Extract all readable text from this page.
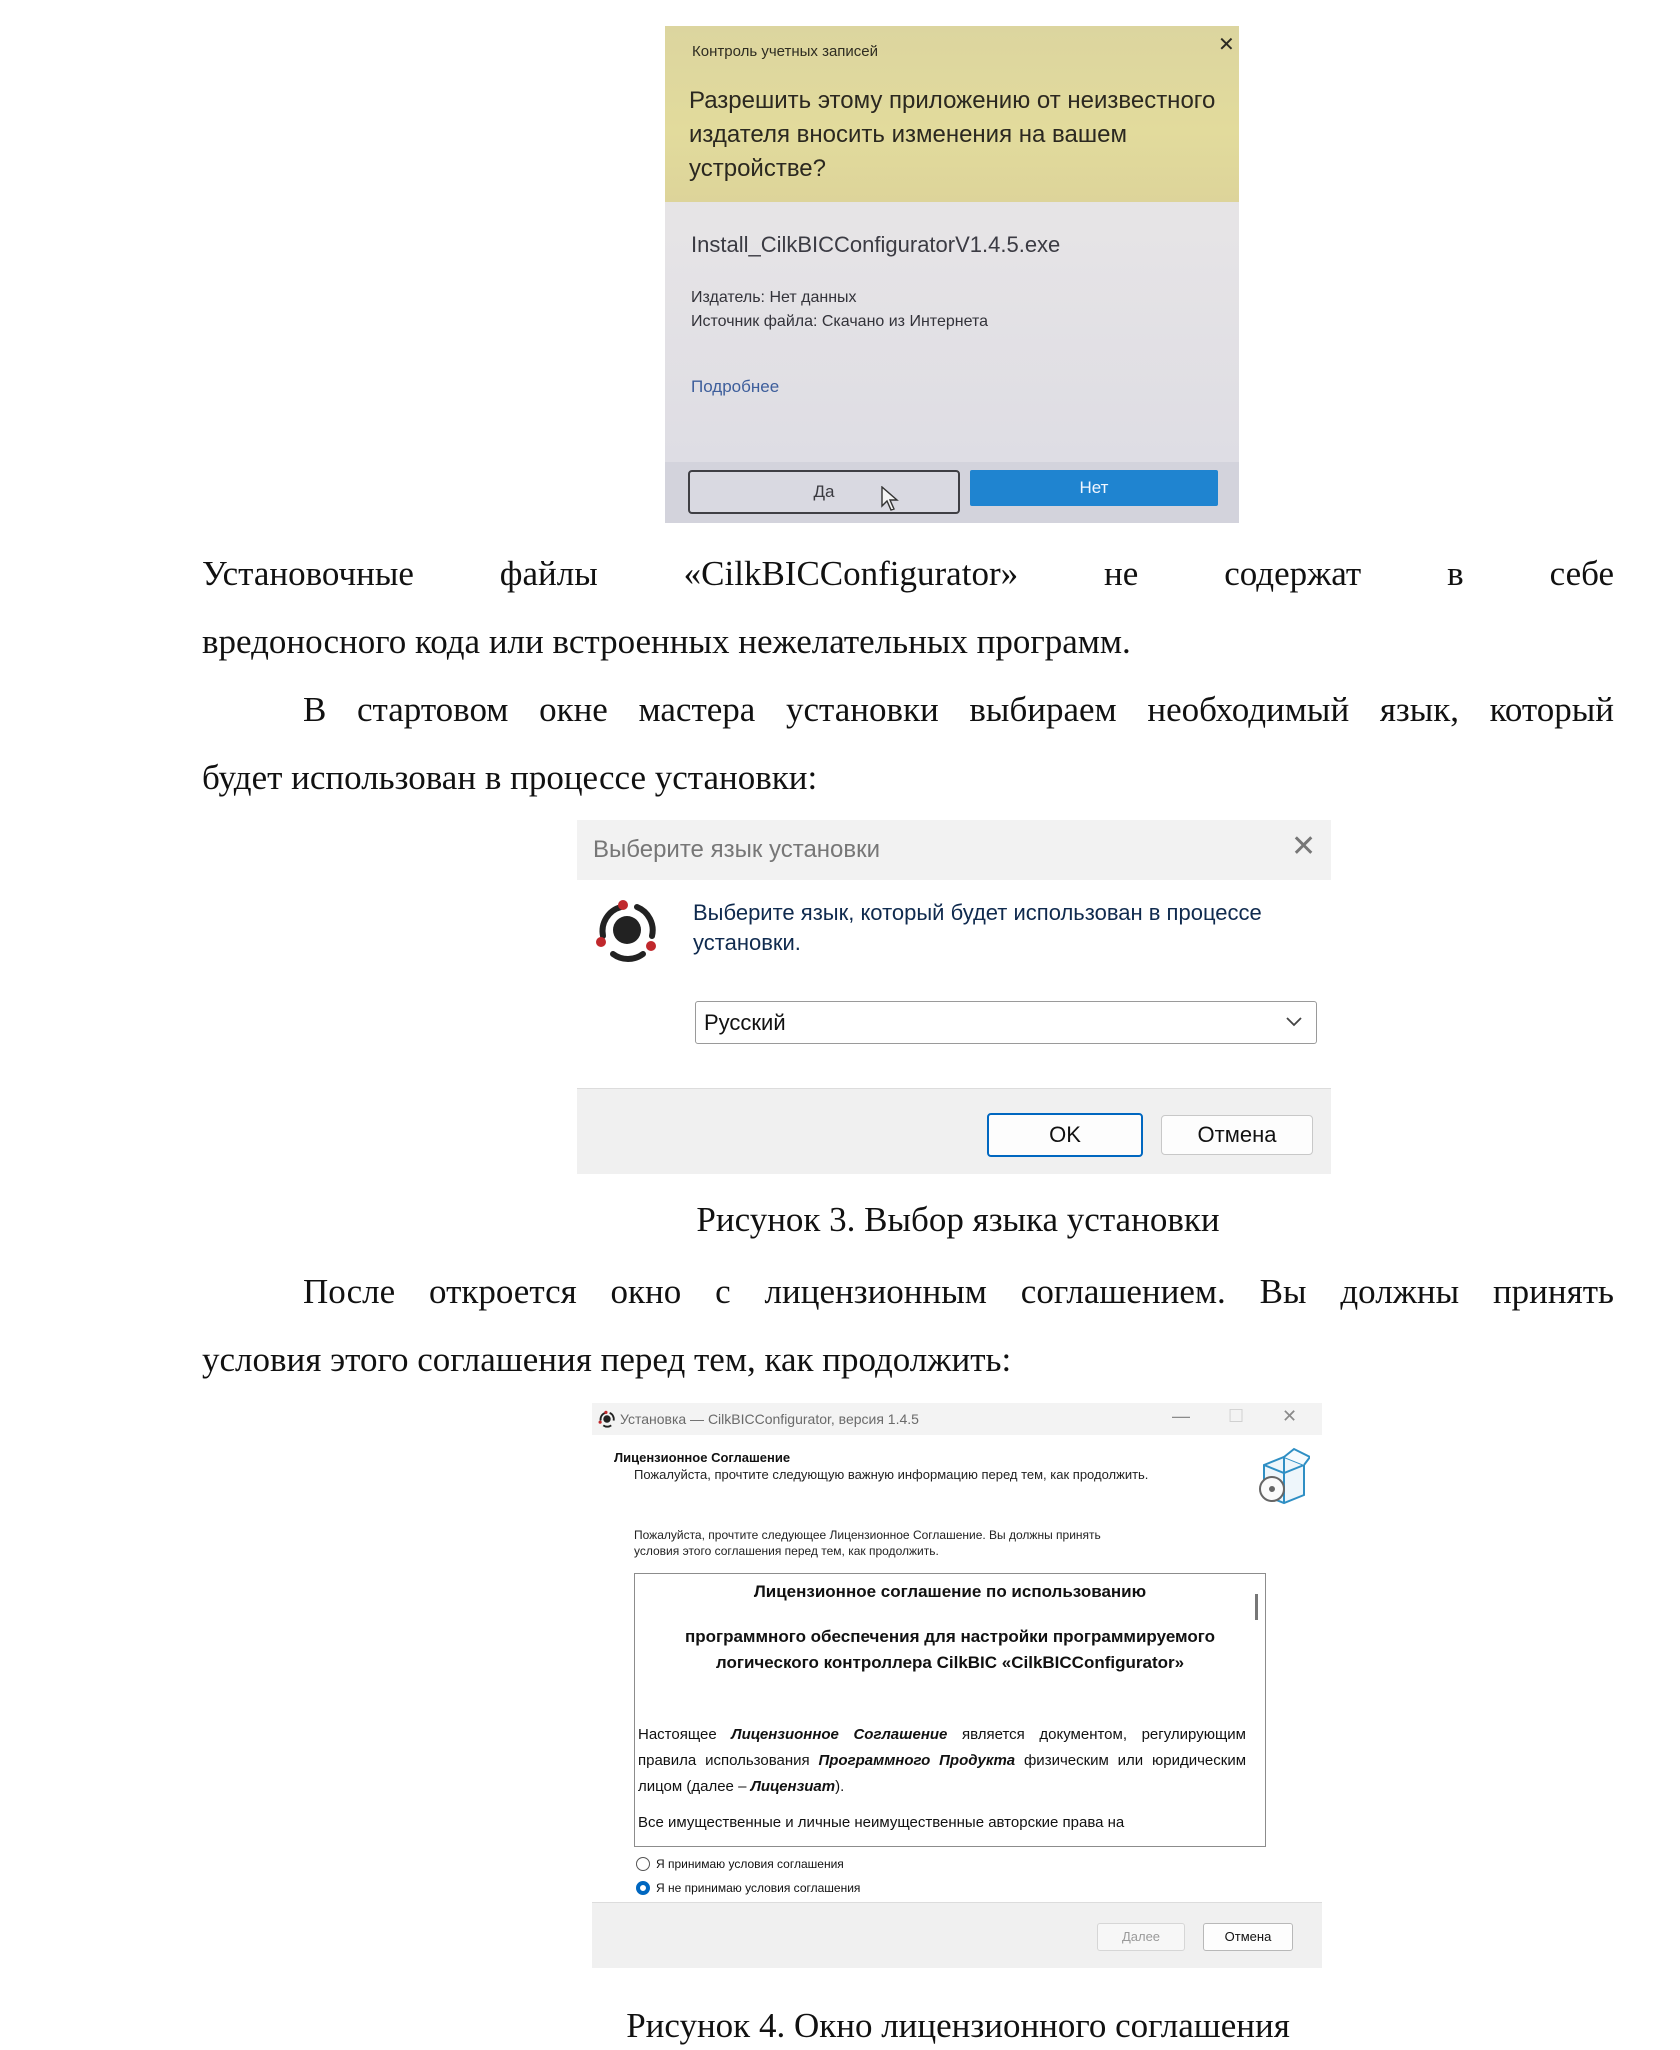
Контроль учетных записей	✕
Разрешить этому приложению от неизвестного издателя вносить изменения на вашем устройстве?
Install_CilkBICConfiguratorV1.4.5.exe
Издатель: Нет данных
Источник файла: Скачано из Интернета
Подробнее
Да	Нет
Установочные файлы «CilkBICConfigurator» не содержат в себе
вредоносного кода или встроенных нежелательных программ.
В стартовом окне мастера установки выбираем необходимый язык, который
будет использован в процессе установки:
Выберите язык установки	✕
Выберите язык, который будет использован в процессе установки.
Русский
OK	Отмена
Рисунок 3. Выбор языка установки
После откроется окно с лицензионным соглашением. Вы должны принять
условия этого соглашения перед тем, как продолжить:
Установка — CilkBICConfigurator, версия 1.4.5	— ☐ ✕
Лицензионное Соглашение
Пожалуйста, прочтите следующую важную информацию перед тем, как продолжить.
Пожалуйста, прочтите следующее Лицензионное Соглашение. Вы должны принять условия этого соглашения перед тем, как продолжить.
Лицензионное соглашение по использованию
программного обеспечения для настройки программируемого
логического контроллера CilkBIC «CilkBICConfigurator»
Настоящее Лицензионное Соглашение является документом, регулирующим правила использования Программного Продукта физическим или юридическим лицом (далее – Лицензиат).
Все имущественные и личные неимущественные авторские права на
Я принимаю условия соглашения
Я не принимаю условия соглашения
Далее	Отмена
Рисунок 4. Окно лицензионного соглашения
